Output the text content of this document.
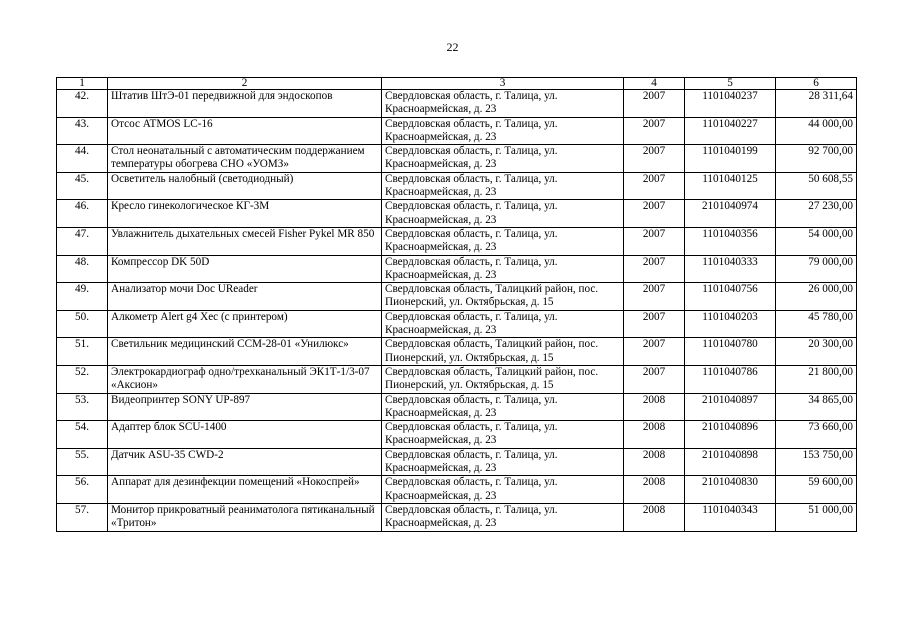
22
1	2	3	4	5	6
42.	Штатив ШтЭ-01 передвижной для эндоскопов	Свердловская область, г. Талица, ул. Красноармейская, д. 23	2007	1101040237	28 311,64
43.	Отсос ATMOS LC-16	Свердловская область, г. Талица, ул. Красноармейская, д. 23	2007	1101040227	44 000,00
44.	Стол неонатальный с автоматическим поддержанием температуры обогрева СНО «УОМЗ»	Свердловская область, г. Талица, ул. Красноармейская, д. 23	2007	1101040199	92 700,00
45.	Осветитель налобный (светодиодный)	Свердловская область, г. Талица, ул. Красноармейская, д. 23	2007	1101040125	50 608,55
46.	Кресло гинекологическое КГ-3М	Свердловская область, г. Талица, ул. Красноармейская, д. 23	2007	2101040974	27 230,00
47.	Увлажнитель дыхательных смесей Fisher Pykel MR 850	Свердловская область, г. Талица, ул. Красноармейская, д. 23	2007	1101040356	54 000,00
48.	Компрессор DK 50D	Свердловская область, г. Талица, ул. Красноармейская, д. 23	2007	1101040333	79 000,00
49.	Анализатор мочи Doc UReader	Свердловская область, Талицкий район, пос. Пионерский, ул. Октябрьская, д. 15	2007	1101040756	26 000,00
50.	Алкометр Alert g4 Xec (с принтером)	Свердловская область, г. Талица, ул. Красноармейская, д. 23	2007	1101040203	45 780,00
51.	Светильник медицинский ССМ-28-01 «Унилюкс»	Свердловская область, Талицкий район, пос. Пионерский, ул. Октябрьская, д. 15	2007	1101040780	20 300,00
52.	Электрокардиограф одно/трехканальный ЭК1Т-1/3-07 «Аксион»	Свердловская область, Талицкий район, пос. Пионерский, ул. Октябрьская, д. 15	2007	1101040786	21 800,00
53.	Видеопринтер SONY UP-897	Свердловская область, г. Талица, ул. Красноармейская, д. 23	2008	2101040897	34 865,00
54.	Адаптер блок SCU-1400	Свердловская область, г. Талица, ул. Красноармейская, д. 23	2008	2101040896	73 660,00
55.	Датчик ASU-35 CWD-2	Свердловская область, г. Талица, ул. Красноармейская, д. 23	2008	2101040898	153 750,00
56.	Аппарат для дезинфекции помещений «Нокоспрей»	Свердловская область, г. Талица, ул. Красноармейская, д. 23	2008	2101040830	59 600,00
57.	Монитор прикроватный реаниматолога пятиканальный «Тритон»	Свердловская область, г. Талица, ул. Красноармейская, д. 23	2008	1101040343	51 000,00
